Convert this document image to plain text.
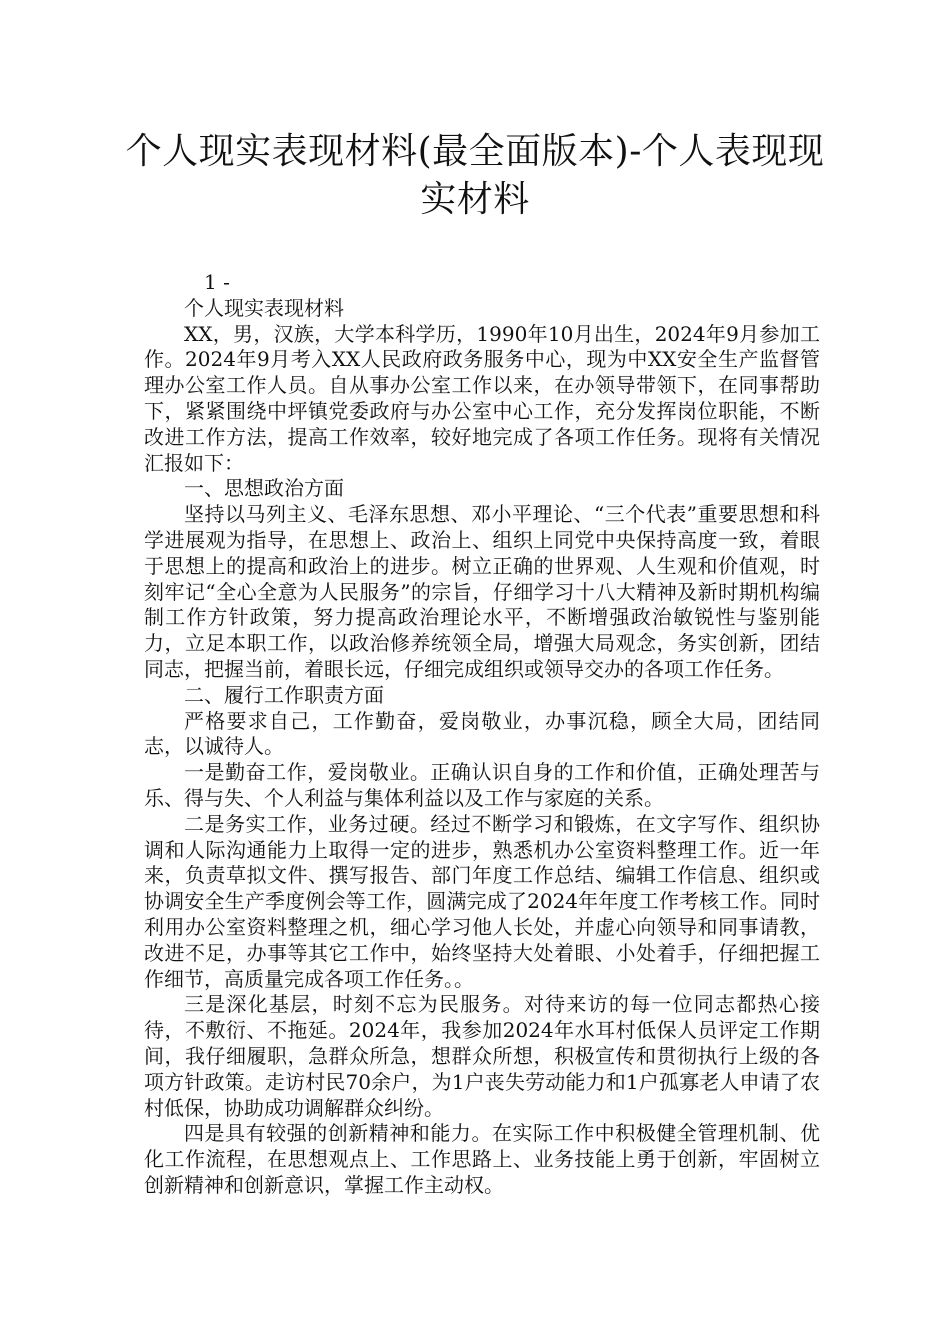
个人现实表现材料(最全面版本)-个人表现现实材料

1 -

个人现实表现材料

XX，男，汉族，大学本科学历，1990年10月出生，2024年9月参加工作。2024年9月考入XX人民政府政务服务中心，现为中XX安全生产监督管理办公室工作人员。自从事办公室工作以来，在办领导带领下，在同事帮助下，紧紧围绕中坪镇党委政府与办公室中心工作，充分发挥岗位职能，不断改进工作方法，提高工作效率，较好地完成了各项工作任务。现将有关情况汇报如下：

一、思想政治方面

坚持以马列主义、毛泽东思想、邓小平理论、“三个代表”重要思想和科学进展观为指导，在思想上、政治上、组织上同党中央保持高度一致，着眼于思想上的提高和政治上的进步。树立正确的世界观、人生观和价值观，时刻牢记“全心全意为人民服务”的宗旨，仔细学习十八大精神及新时期机构编制工作方针政策，努力提高政治理论水平，不断增强政治敏锐性与鉴别能力，立足本职工作，以政治修养统领全局，增强大局观念，务实创新，团结同志，把握当前，着眼长远，仔细完成组织或领导交办的各项工作任务。

二、履行工作职责方面

严格要求自己，工作勤奋，爱岗敬业，办事沉稳，顾全大局，团结同志，以诚待人。

一是勤奋工作，爱岗敬业。正确认识自身的工作和价值，正确处理苦与乐、得与失、个人利益与集体利益以及工作与家庭的关系。

二是务实工作，业务过硬。经过不断学习和锻炼，在文字写作、组织协调和人际沟通能力上取得一定的进步，熟悉机办公室资料整理工作。近一年来，负责草拟文件、撰写报告、部门年度工作总结、编辑工作信息、组织或协调安全生产季度例会等工作，圆满完成了2024年年度工作考核工作。同时利用办公室资料整理之机，细心学习他人长处，并虚心向领导和同事请教，改进不足，办事等其它工作中，始终坚持大处着眼、小处着手，仔细把握工作细节，高质量完成各项工作任务。。

三是深化基层，时刻不忘为民服务。对待来访的每一位同志都热心接待，不敷衍、不拖延。2024年，我参加2024年水耳村低保人员评定工作期间，我仔细履职，急群众所急，想群众所想，积极宣传和贯彻执行上级的各项方针政策。走访村民70余户，为1户丧失劳动能力和1户孤寡老人申请了农村低保，协助成功调解群众纠纷。

四是具有较强的创新精神和能力。在实际工作中积极健全管理机制、优化工作流程，在思想观点上、工作思路上、业务技能上勇于创新，牢固树立创新精神和创新意识，掌握工作主动权。
